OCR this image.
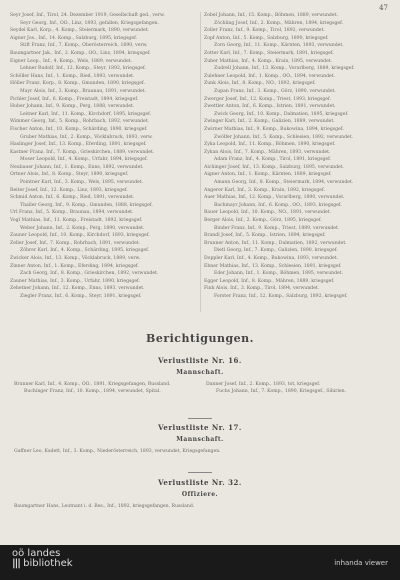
47
Seyr Josef, Inf., Tirol, 24. Dezember 1919, Gesellschaft ged., verw.
Seyr Georg, Inf., OÖ., Linz, 1893, gefallen, Kriegsgefangen.
Seydel Karl, Korp., 4. Komp., Steiermark, 1890, verwundet.
Aigner Jos., Inf., 14. Komp., Salzburg, 1895, kriegsgef.
Stift Franz, Inf., 7. Komp., Oberösterreich, 1890, verw.
Baumgartner Jak., Inf., 2. Komp., OÖ., Linz, 1894, kriegsgef.
Eigner Leop., Inf., 4. Komp., Wels, 1889, verwundet.
Lehner Rudolf, Inf., 12. Komp., Steyr, 1892, kriegsgef.
Schöller Hans, Inf., 1. Komp., Ried, 1893, verwundet.
Höller Franz, Korp., 8. Komp., Gmunden, 1890, kriegsgef.
Mayr Alois, Inf., 3. Komp., Braunau, 1891, verwundet.
Pichler Josef, Inf., 6. Komp., Freistadt, 1894, kriegsgef.
Huber Johann, Inf., 9. Komp., Perg, 1888, verwundet.
Leitner Karl, Inf., 11. Komp., Kirchdorf, 1895, kriegsgef.
Wimmer Georg, Inf., 5. Komp., Rohrbach, 1892, verwundet.
Fischer Anton, Inf., 10. Komp., Schärding, 1890, kriegsgef.
Gruber Mathias, Inf., 2. Komp., Vöcklabruck, 1893, verw.
Haslinger Josef, Inf., 13. Komp., Eferding, 1891, kriegsgef.
Kastner Franz, Inf., 7. Komp., Grieskirchen, 1889, verwundet.
Moser Leopold, Inf., 4. Komp., Urfahr, 1894, kriegsgef.
Neubauer Johann, Inf., 1. Komp., Enns, 1892, verwundet.
Ortner Alois, Inf., 8. Komp., Steyr, 1890, kriegsgef.
Pointner Karl, Inf., 3. Komp., Wels, 1895, verwundet.
Reiter Josef, Inf., 12. Komp., Linz, 1893, kriegsgef.
Schmid Anton, Inf., 6. Komp., Ried, 1891, verwundet.
Thaller Georg, Inf., 9. Komp., Gmunden, 1888, kriegsgef.
Url Franz, Inf., 5. Komp., Braunau, 1894, verwundet.
Vogl Mathias, Inf., 11. Komp., Freistadt, 1892, kriegsgef.
Weber Johann, Inf., 2. Komp., Perg, 1890, verwundet.
Zauner Leopold, Inf., 10. Komp., Kirchdorf, 1893, kriegsgef.
Zeller Josef, Inf., 7. Komp., Rohrbach, 1891, verwundet.
Zöhrer Karl, Inf., 4. Komp., Schärding, 1895, kriegsgef.
Zwicker Alois, Inf., 13. Komp., Vöcklabruck, 1889, verw.
Zinner Anton, Inf., 1. Komp., Eferding, 1894, kriegsgef.
Zach Georg, Inf., 8. Komp., Grieskirchen, 1892, verwundet.
Zauner Mathias, Inf., 3. Komp., Urfahr, 1890, kriegsgef.
Zehetner Johann, Inf., 12. Komp., Enns, 1893, verwundet.
Ziegler Franz, Inf., 6. Komp., Steyr, 1891, kriegsgef.
Zobel Johann, Inf., 15. Komp., Böhmen, 1889, verwundet.
Zöchling Josef, Inf., 2. Komp., Mähren, 1894, kriegsgef.
Zoller Franz, Inf., 9. Komp., Tirol, 1892, verwundet.
Zopf Anton, Inf., 5. Komp., Salzburg, 1890, kriegsgef.
Zorn Georg, Inf., 11. Komp., Kärnten, 1893, verwundet.
Zotter Karl, Inf., 7. Komp., Steiermark, 1891, kriegsgef.
Zuber Mathias, Inf., 4. Komp., Krain, 1895, verwundet.
Zudrell Johann, Inf., 13. Komp., Vorarlberg, 1889, kriegsgef.
Zulehner Leopold, Inf., 1. Komp., OÖ., 1894, verwundet.
Zunk Alois, Inf., 8. Komp., NÖ., 1892, kriegsgef.
Zupan Franz, Inf., 3. Komp., Görz, 1890, verwundet.
Zwerger Josef, Inf., 12. Komp., Triest, 1893, kriegsgef.
Zwettler Anton, Inf., 6. Komp., Istrien, 1891, verwundet.
Zwick Georg, Inf., 10. Komp., Dalmatien, 1895, kriegsgef.
Zwinger Karl, Inf., 2. Komp., Galizien, 1889, verwundet.
Zwirner Mathias, Inf., 9. Komp., Bukowina, 1894, kriegsgef.
Zwölfer Johann, Inf., 5. Komp., Schlesien, 1892, verwundet.
Zyka Leopold, Inf., 11. Komp., Böhmen, 1890, kriegsgef.
Zykan Alois, Inf., 7. Komp., Mähren, 1893, verwundet.
Adam Franz, Inf., 4. Komp., Tirol, 1891, kriegsgef.
Aichinger Josef, Inf., 13. Komp., Salzburg, 1895, verwundet.
Aigner Anton, Inf., 1. Komp., Kärnten, 1889, kriegsgef.
Amann Georg, Inf., 8. Komp., Steiermark, 1894, verwundet.
Angerer Karl, Inf., 3. Komp., Krain, 1892, kriegsgef.
Auer Mathias, Inf., 12. Komp., Vorarlberg, 1890, verwundet.
Bachmayr Johann, Inf., 6. Komp., OÖ., 1893, kriegsgef.
Bauer Leopold, Inf., 10. Komp., NÖ., 1891, verwundet.
Berger Alois, Inf., 2. Komp., Görz, 1895, kriegsgef.
Binder Franz, Inf., 9. Komp., Triest, 1889, verwundet.
Brandl Josef, Inf., 5. Komp., Istrien, 1894, kriegsgef.
Brunner Anton, Inf., 11. Komp., Dalmatien, 1892, verwundet.
Dietl Georg, Inf., 7. Komp., Galizien, 1890, kriegsgef.
Doppler Karl, Inf., 4. Komp., Bukowina, 1893, verwundet.
Ebner Mathias, Inf., 13. Komp., Schlesien, 1891, kriegsgef.
Eder Johann, Inf., 1. Komp., Böhmen, 1895, verwundet.
Egger Leopold, Inf., 8. Komp., Mähren, 1889, kriegsgef.
Fink Alois, Inf., 3. Komp., Tirol, 1894, verwundet.
Forster Franz, Inf., 12. Komp., Salzburg, 1892, kriegsgef.
Berichtigungen.
Verlustliste Nr. 16.
Mannschaft.
Brunner Karl, Inf., 4. Komp., OÖ., 1891, Kriegsgefangen, Russland.
Buchinger Franz, Inf., 10. Komp., 1894, verwundet, Spital.
Danner Josef, Inf., 2. Komp., 1893, tot, kriegsgef.
Fuchs Johann, Inf., 7. Komp., 1890, Kriegsgef., Sibirien.
Verlustliste Nr. 17.
Mannschaft.
Gaffner Leo, Kadett, Inf., 3. Komp., Niederösterreich, 1893, verwundet, Kriegsgefangen.
Verlustliste Nr. 32.
Offiziere.
Baumgartner Hans, Leutnant i. d. Res., Inf., 1892, kriegsgefangen, Russland.
oö landes
||| bibliothek	inhanda viewer
